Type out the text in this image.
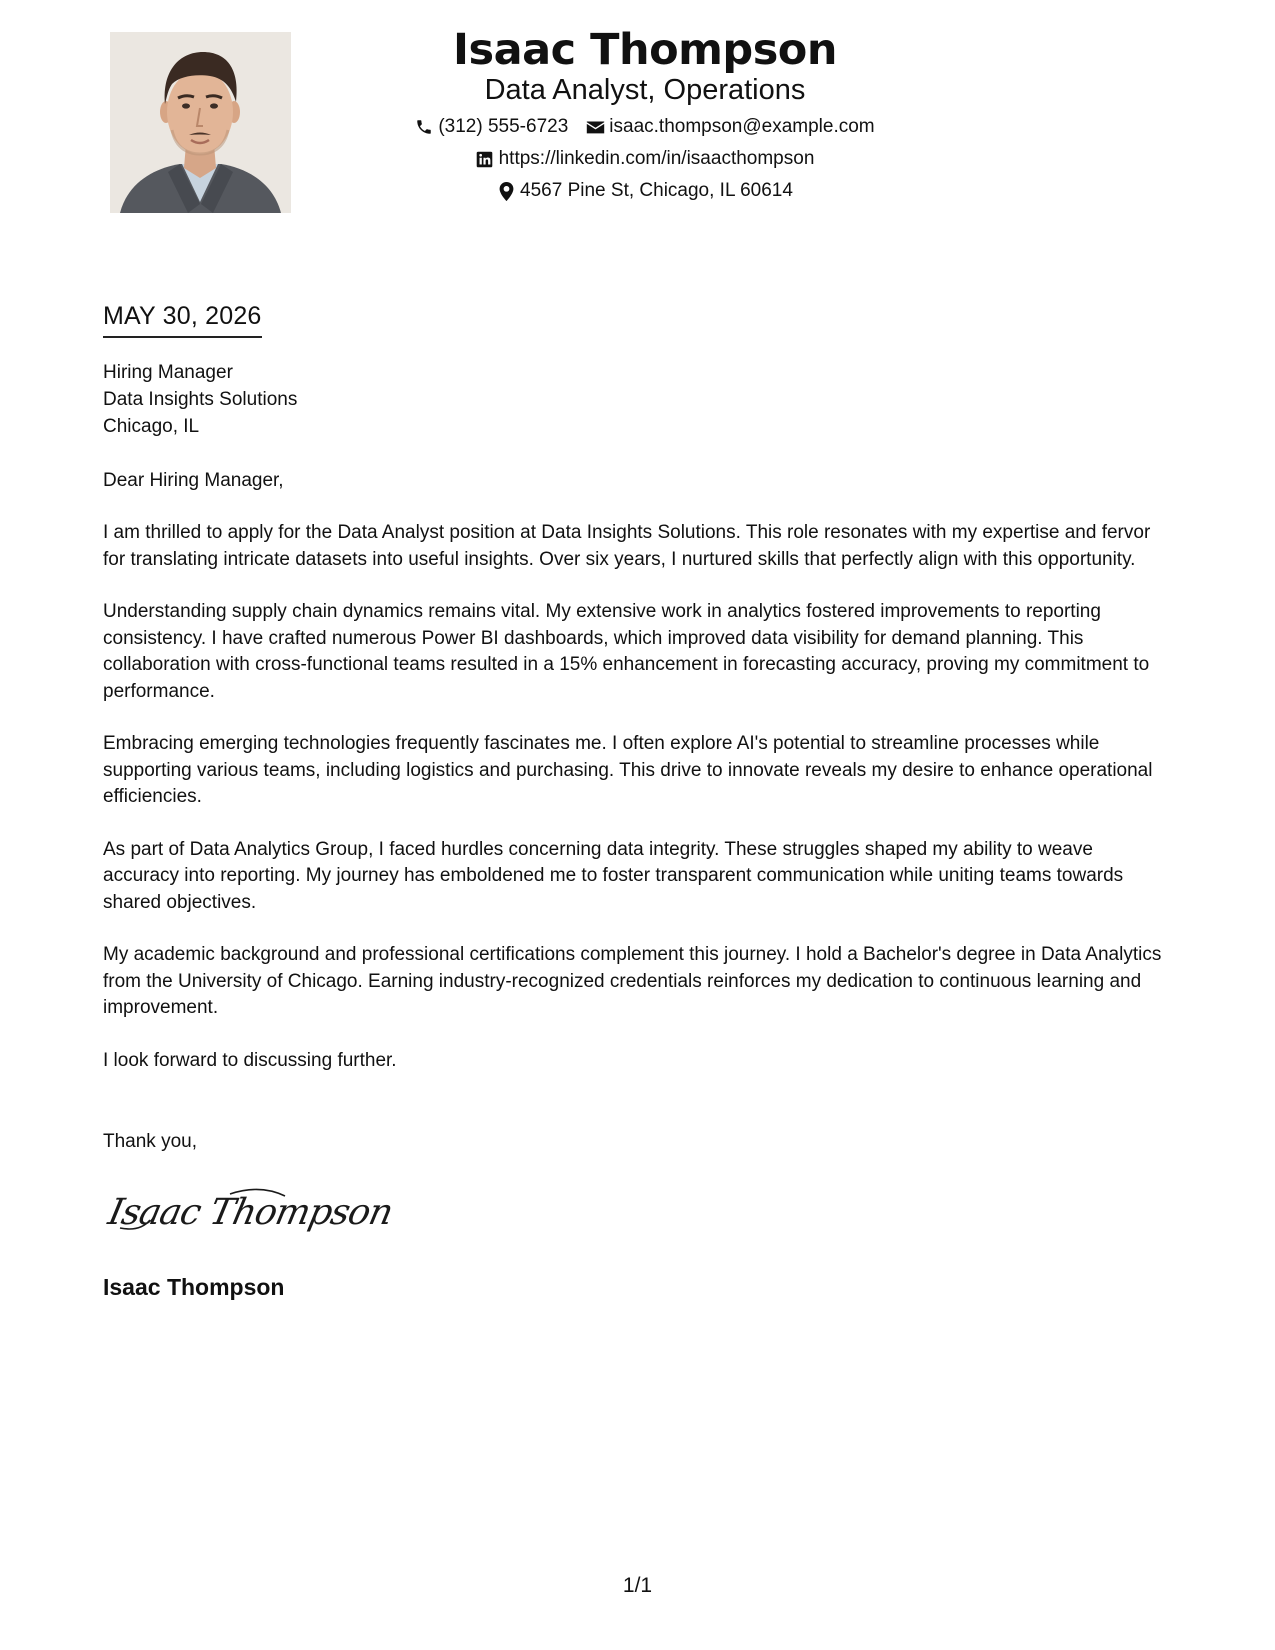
Isaac Thompson
Data Analyst, Operations
(312) 555-6723 isaac.thompson@example.com
https://linkedin.com/in/isaacthompson
4567 Pine St, Chicago, IL 60614
MAY 30, 2026
Hiring Manager
Data Insights Solutions
Chicago, IL
Dear Hiring Manager,

I am thrilled to apply for the Data Analyst position at Data Insights Solutions. This role resonates with my expertise and fervor for translating intricate datasets into useful insights. Over six years, I nurtured skills that perfectly align with this opportunity.

Understanding supply chain dynamics remains vital. My extensive work in analytics fostered improvements to reporting consistency. I have crafted numerous Power BI dashboards, which improved data visibility for demand planning. This collaboration with cross-functional teams resulted in a 15% enhancement in forecasting accuracy, proving my commitment to performance.

Embracing emerging technologies frequently fascinates me. I often explore AI's potential to streamline processes while supporting various teams, including logistics and purchasing. This drive to innovate reveals my desire to enhance operational efficiencies.

As part of Data Analytics Group, I faced hurdles concerning data integrity. These struggles shaped my ability to weave accuracy into reporting. My journey has emboldened me to foster transparent communication while uniting teams towards shared objectives.

My academic background and professional certifications complement this journey. I hold a Bachelor's degree in Data Analytics from the University of Chicago. Earning industry-recognized credentials reinforces my dedication to continuous learning and improvement.

I look forward to discussing further.

Thank you,
Isaac Thompson
Isaac Thompson
1/1
